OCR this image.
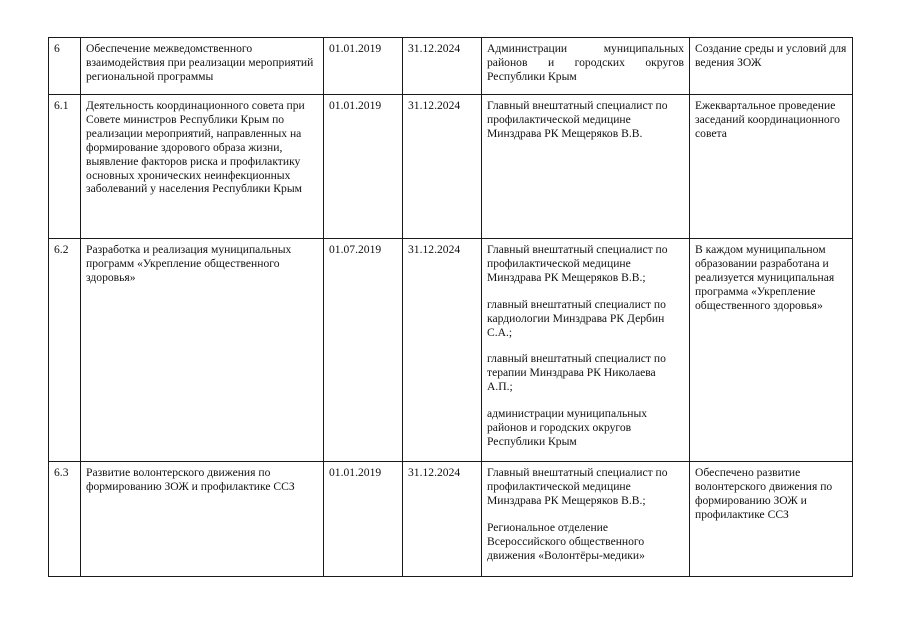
6	Обеспечение межведомственного взаимодействия при реализации мероприятий региональной программы	01.01.2019	31.12.2024	Администрации муниципальных районов и городских округов Республики Крым	Создание среды и условий для ведения ЗОЖ
6.1	Деятельность координационного совета при Совете министров Республики Крым по реализации мероприятий, направленных на формирование здорового образа жизни, выявление факторов риска и профилактику основных хронических неинфекционных заболеваний у населения Республики Крым	01.01.2019	31.12.2024	Главный внештатный специалист по профилактической медицине Минздрава РК Мещеряков В.В.	Ежеквартальное проведение заседаний координационного совета
6.2	Разработка и реализация муниципальных программ «Укрепление общественного здоровья»	01.07.2019	31.12.2024	Главный внештатный специалист по профилактической медицине Минздрава РК Мещеряков В.В.;
главный внештатный специалист по кардиологии Минздрава РК Дербин С.А.;
главный внештатный специалист по терапии Минздрава РК Николаева А.П.;
администрации муниципальных районов и городских округов Республики Крым	В каждом муниципальном образовании разработана и реализуется муниципальная программа «Укрепление общественного здоровья»
6.3	Развитие волонтерского движения по формированию ЗОЖ и профилактике ССЗ	01.01.2019	31.12.2024	Главный внештатный специалист по профилактической медицине Минздрава РК Мещеряков В.В.;
Региональное отделение Всероссийского общественного движения «Волонтёры-медики»	Обеспечено развитие волонтерского движения по формированию ЗОЖ и профилактике ССЗ
